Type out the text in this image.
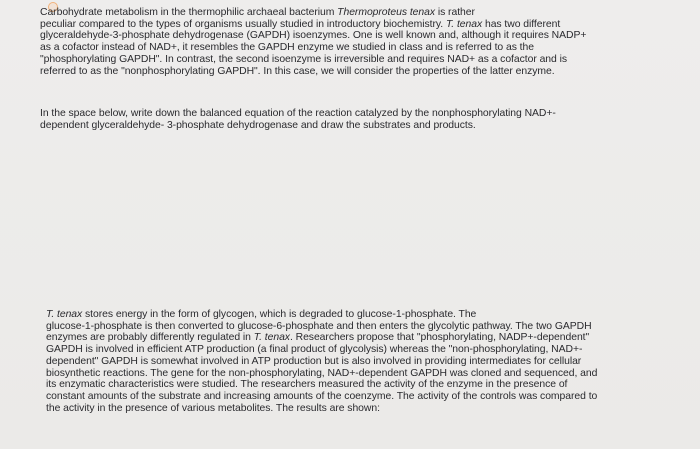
Carbohydrate metabolism in the thermophilic archaeal bacterium Thermoproteus tenax is rather
peculiar compared to the types of organisms usually studied in introductory biochemistry. T. tenax has two different
glyceraldehyde-3-phosphate dehydrogenase (GAPDH) isoenzymes. One is well known and, although it requires NADP+
as a cofactor instead of NAD+, it resembles the GAPDH enzyme we studied in class and is referred to as the
"phosphorylating GAPDH". In contrast, the second isoenzyme is irreversible and requires NAD+ as a cofactor and is
referred to as the "nonphosphorylating GAPDH". In this case, we will consider the properties of the latter enzyme.
In the space below, write down the balanced equation of the reaction catalyzed by the nonphosphorylating NAD+-
dependent glyceraldehyde- 3-phosphate dehydrogenase and draw the substrates and products.
T. tenax stores energy in the form of glycogen, which is degraded to glucose-1-phosphate. The
glucose-1-phosphate is then converted to glucose-6-phosphate and then enters the glycolytic pathway. The two GAPDH
enzymes are probably differently regulated in T. tenax. Researchers propose that "phosphorylating, NADP+-dependent"
GAPDH is involved in efficient ATP production (a final product of glycolysis) whereas the "non-phosphorylating, NAD+-
dependent" GAPDH is somewhat involved in ATP production but is also involved in providing intermediates for cellular
biosynthetic reactions. The gene for the non-phosphorylating, NAD+-dependent GAPDH was cloned and sequenced, and
its enzymatic characteristics were studied. The researchers measured the activity of the enzyme in the presence of
constant amounts of the substrate and increasing amounts of the coenzyme. The activity of the controls was compared to
the activity in the presence of various metabolites. The results are shown:
